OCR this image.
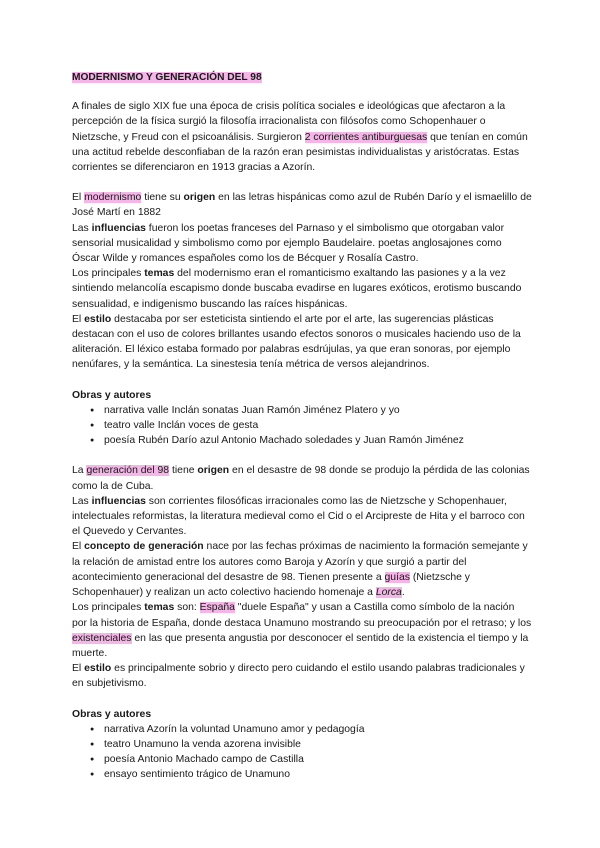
MODERNISMO Y GENERACIÓN DEL 98

A finales de siglo XIX fue una época de crisis política sociales e ideológicas que afectaron a la percepción de la física surgió la filosofía irracionalista con filósofos como Schopenhauer o Nietzsche, y Freud con el psicoanálisis. Surgieron 2 corrientes antiburguesas que tenían en común una actitud rebelde desconfiaban de la razón eran pesimistas individualistas y aristócratas. Estas corrientes se diferenciaron en 1913 gracias a Azorín.

El modernismo tiene su origen en las letras hispánicas como azul de Rubén Darío y el ismaelillo de José Martí en 1882

Las influencias fueron los poetas franceses del Parnaso y el simbolismo que otorgaban valor sensorial musicalidad y simbolismo como por ejemplo Baudelaire. poetas anglosajones como Óscar Wilde y romances españoles como los de Bécquer y Rosalía Castro.

Los principales temas del modernismo eran el romanticismo exaltando las pasiones y a la vez sintiendo melancolía escapismo donde buscaba evadirse en lugares exóticos, erotismo buscando sensualidad, e indigenismo buscando las raíces hispánicas.

El estilo destacaba por ser esteticista sintiendo el arte por el arte, las sugerencias plásticas destacan con el uso de colores brillantes usando efectos sonoros o musicales haciendo uso de la aliteración. El léxico estaba formado por palabras esdrújulas, ya que eran sonoras, por ejemplo nenúfares, y la semántica. La sinestesia tenía métrica de versos alejandrinos.

Obras y autores

● narrativa valle Inclán sonatas Juan Ramón Jiménez Platero y yo
● teatro valle Inclán voces de gesta
● poesía Rubén Darío azul Antonio Machado soledades y Juan Ramón Jiménez

La generación del 98 tiene origen en el desastre de 98 donde se produjo la pérdida de las colonias como la de Cuba.

Las influencias son corrientes filosóficas irracionales como las de Nietzsche y Schopenhauer, intelectuales reformistas, la literatura medieval como el Cid o el Arcipreste de Hita y el barroco con el Quevedo y Cervantes.

El concepto de generación nace por las fechas próximas de nacimiento la formación semejante y la relación de amistad entre los autores como Baroja y Azorín y que surgió a partir del acontecimiento generacional del desastre de 98. Tienen presente a guías (Nietzsche y Schopenhauer) y realizan un acto colectivo haciendo homenaje a Lorca.

Los principales temas son: España "duele España" y usan a Castilla como símbolo de la nación por la historia de España, donde destaca Unamuno mostrando su preocupación por el retraso; y los existenciales en las que presenta angustia por desconocer el sentido de la existencia el tiempo y la muerte.

El estilo es principalmente sobrio y directo pero cuidando el estilo usando palabras tradicionales y en subjetivismo.

Obras y autores

● narrativa Azorín la voluntad Unamuno amor y pedagogía
● teatro Unamuno la venda azorena invisible
● poesía Antonio Machado campo de Castilla
● ensayo sentimiento trágico de Unamuno
